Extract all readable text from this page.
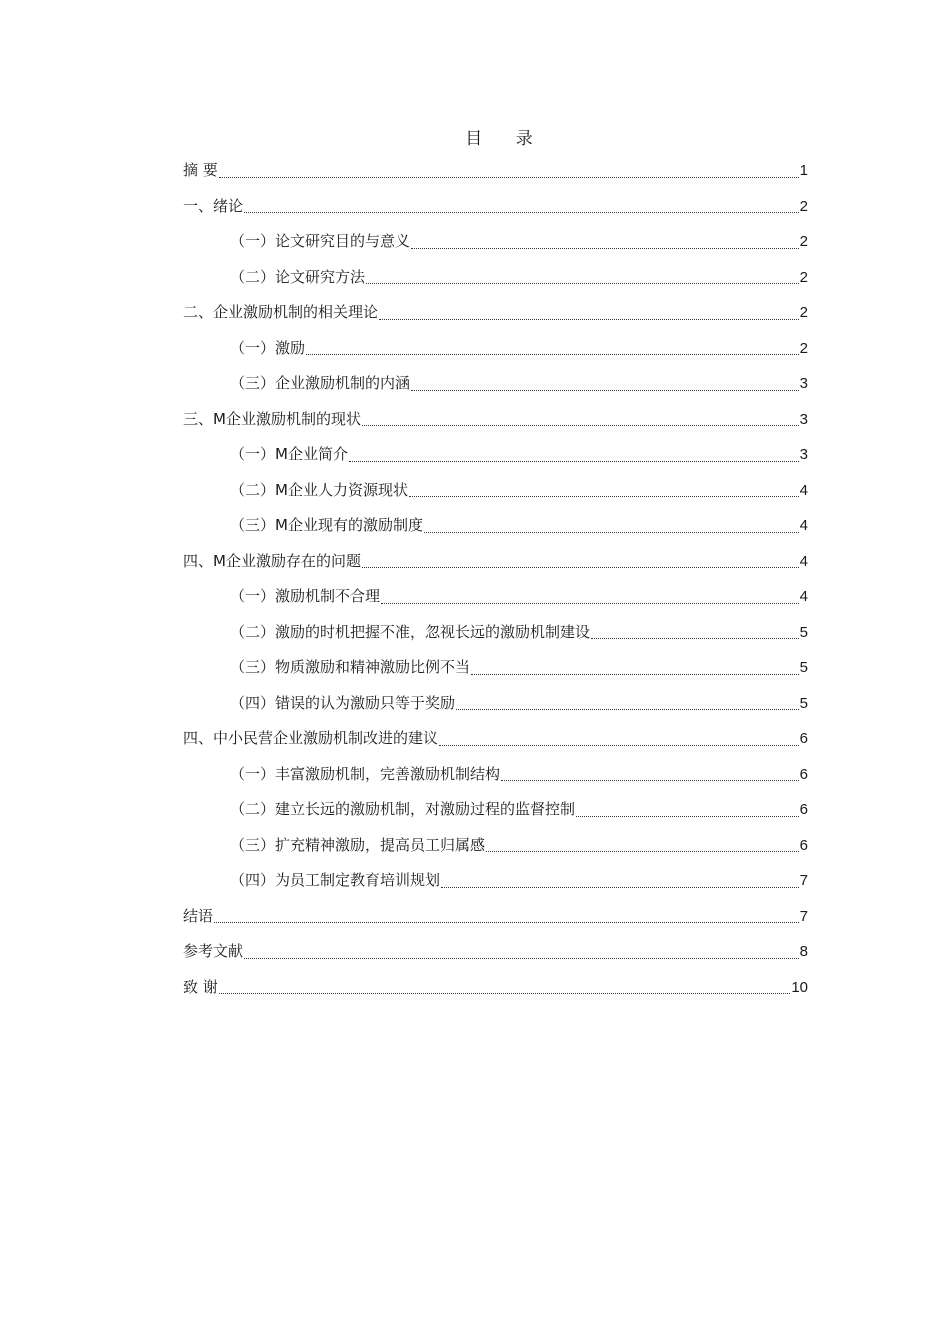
目 录
摘 要	1
一、绪论	2
（一）论文研究目的与意义	2
（二）论文研究方法	2
二、企业激励机制的相关理论	2
（一）激励	2
（三）企业激励机制的内涵	3
三、M企业激励机制的现状	3
（一）M企业简介	3
（二）M企业人力资源现状	4
（三）M企业现有的激励制度	4
四、M企业激励存在的问题	4
（一）激励机制不合理	4
（二）激励的时机把握不准，忽视长远的激励机制建设	5
（三）物质激励和精神激励比例不当	5
（四）错误的认为激励只等于奖励	5
四、中小民营企业激励机制改进的建议	6
（一）丰富激励机制，完善激励机制结构	6
（二）建立长远的激励机制，对激励过程的监督控制	6
（三）扩充精神激励，提高员工归属感	6
（四）为员工制定教育培训规划	7
结语	7
参考文献	8
致 谢	10
